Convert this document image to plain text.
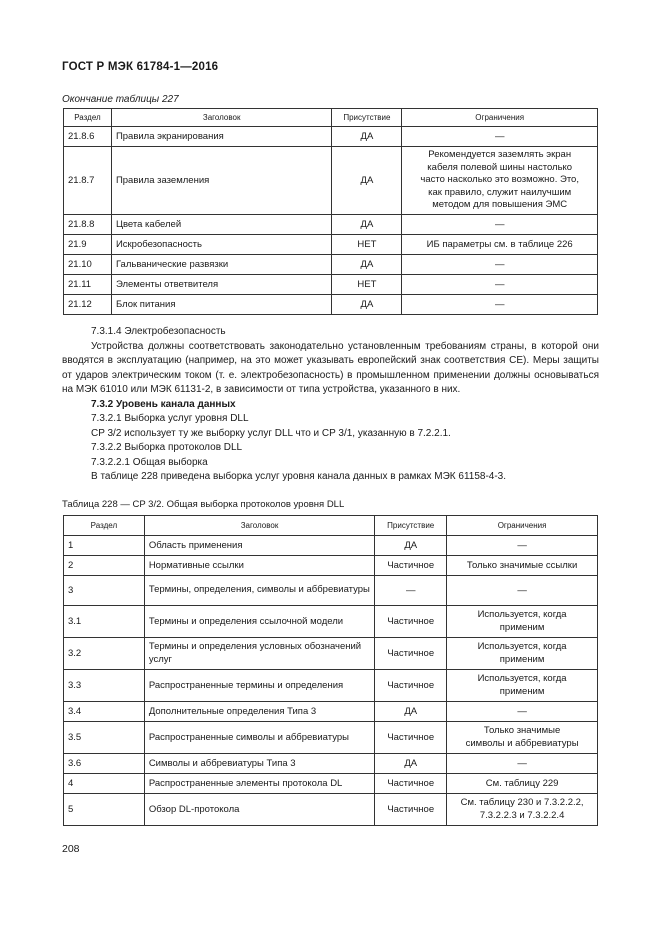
ГОСТ Р МЭК 61784-1—2016
Окончание таблицы 227
Раздел	Заголовок	Присутствие	Ограничения
21.8.6	Правила экранирования	ДА	—
21.8.7	Правила заземления	ДА	Рекомендуется заземлять экран кабеля полевой шины настолько часто насколько это возможно. Это, как правило, служит наилучшим методом для повышения ЭМС
21.8.8	Цвета кабелей	ДА	—
21.9	Искробезопасность	НЕТ	ИБ параметры см. в таблице 226
21.10	Гальванические развязки	ДА	—
21.11	Элементы ответвителя	НЕТ	—
21.12	Блок питания	ДА	—

7.3.1.4 Электробезопасность

Устройства должны соответствовать законодательно установленным требованиям страны, в которой они вводятся в эксплуатацию (например, на это может указывать европейский знак соответствия CE). Меры защиты от ударов электрическим током (т. е. электробезопасность) в промышленном применении должны основываться на МЭК 61010 или МЭК 61131-2, в зависимости от типа устройства, указанного в них.

7.3.2 Уровень канала данных

7.3.2.1 Выборка услуг уровня DLL

CP 3/2 использует ту же выборку услуг DLL что и CP 3/1, указанную в 7.2.2.1.

7.3.2.2 Выборка протоколов DLL

7.3.2.2.1 Общая выборка

В таблице 228 приведена выборка услуг уровня канала данных в рамках МЭК 61158-4-3.

Таблица 228 — CP 3/2. Общая выборка протоколов уровня DLL
Раздел	Заголовок	Присутствие	Ограничения
1	Область применения	ДА	—
2	Нормативные ссылки	Частичное	Только значимые ссылки
3	Термины, определения, символы и аббревиатуры	—	—
3.1	Термины и определения ссылочной модели	Частичное	Используется, когда применим
3.2	Термины и определения условных обозначений услуг	Частичное	Используется, когда применим
3.3	Распространенные термины и определения	Частичное	Используется, когда применим
3.4	Дополнительные определения Типа 3	ДА	—
3.5	Распространенные символы и аббревиатуры	Частичное	Только значимые символы и аббревиатуры
3.6	Символы и аббревиатуры Типа 3	ДА	—
4	Распространенные элементы протокола DL	Частичное	См. таблицу 229
5	Обзор DL-протокола	Частичное	См. таблицу 230 и 7.3.2.2.2, 7.3.2.2.3 и 7.3.2.2.4
208
